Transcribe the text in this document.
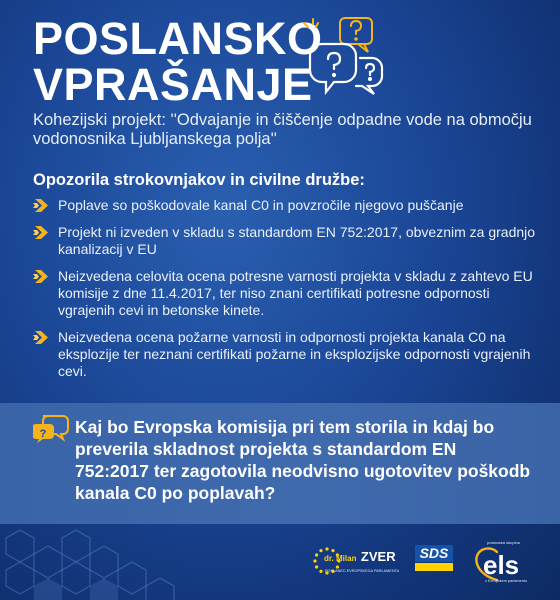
POSLANSKO
VPRAŠANJE
Kohezijski projekt: ''Odvajanje in čiščenje odpadne vode na območju vodonosnika Ljubljanskega polja''
Opozorila strokovnjakov in civilne družbe:
Poplave so poškodovale kanal C0 in povzročile njegovo puščanje
Projekt ni izveden v skladu s standardom EN 752:2017, obveznim za gradnjo kanalizacij v EU
Neizvedena celovita ocena potresne varnosti projekta v skladu z zahtevo EU komisije z dne 11.4.2017, ter niso znani certifikati potresne odpornosti vgrajenih cevi in betonske kinete.
Neizvedena ocena požarne varnosti in odpornosti projekta kanala C0 na eksplozije ter neznani certifikati požarne in eksplozijske odpornosti vgrajenih cevi.
? Kaj bo Evropska komisija pri tem storila in kdaj bo preverila skladnost projekta s standardom EN 752:2017 ter zagotovila neodvisno ugotovitev poškodb kanala C0 po poplavah?
dr. Milan ZVER
POSLANEC EVROPSKEGA PARLAMENTA
SDS
poslanska skupina
els
v Evropskem parlamentu
